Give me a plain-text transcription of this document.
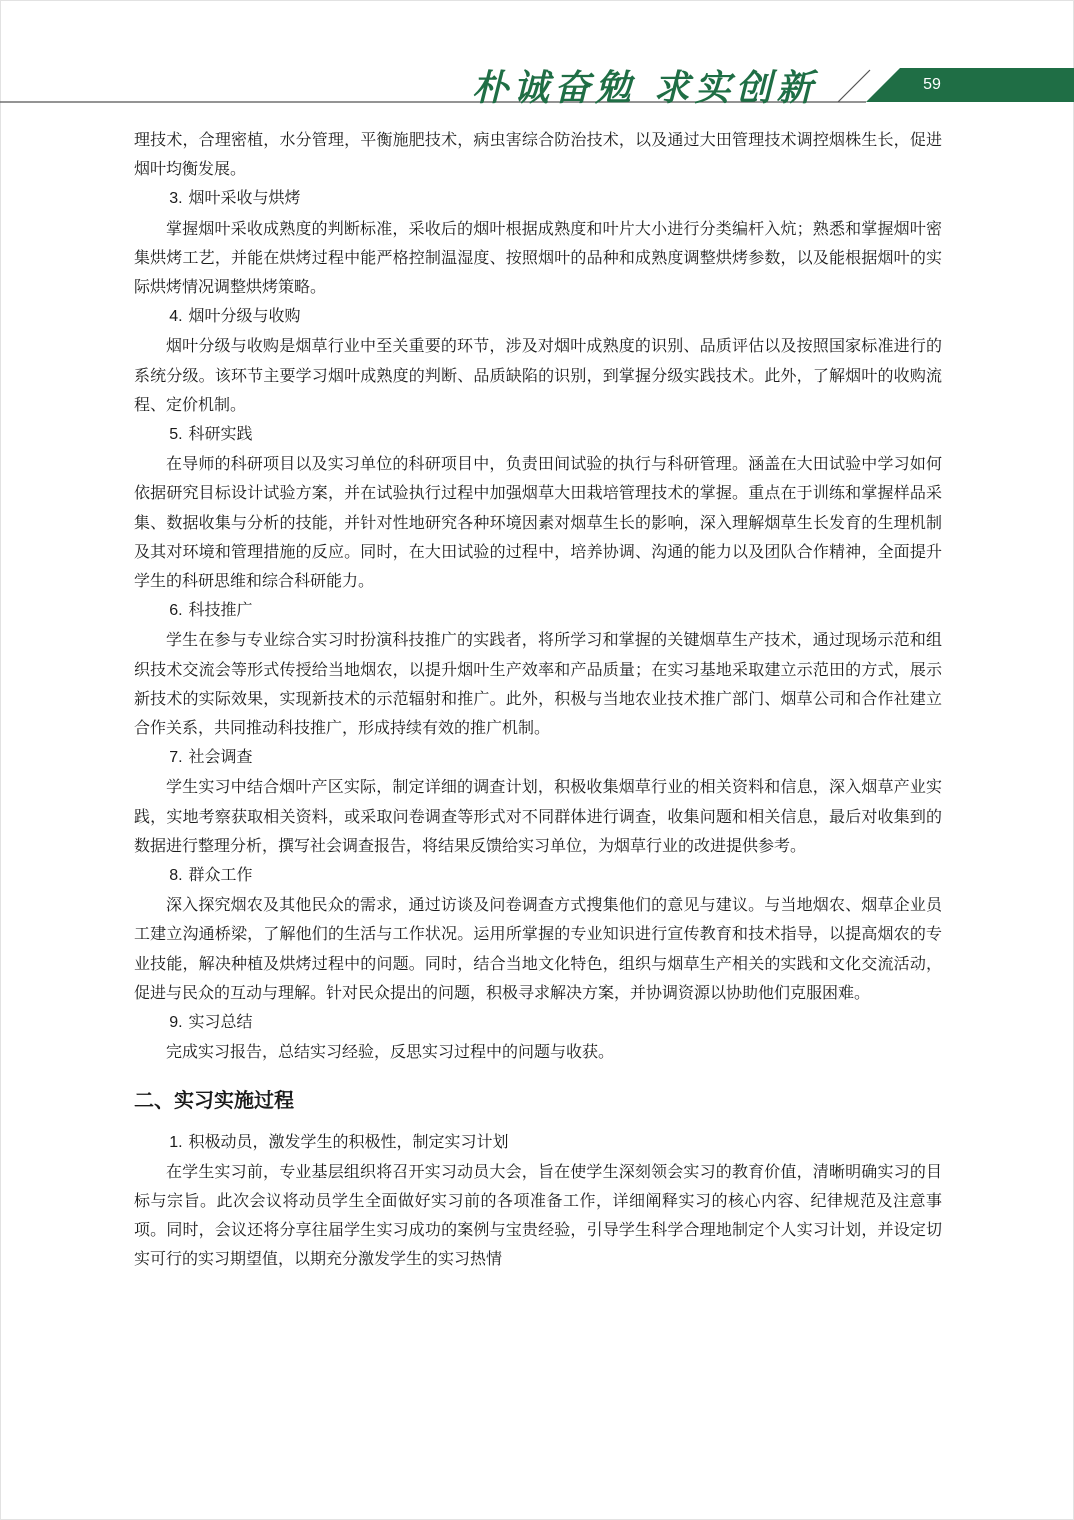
朴诚奋勉 求实创新	59

理技术，合理密植，水分管理，平衡施肥技术，病虫害综合防治技术，以及通过大田管理技术调控烟株生长，促进烟叶均衡发展。

3. 烟叶采收与烘烤

掌握烟叶采收成熟度的判断标准，采收后的烟叶根据成熟度和叶片大小进行分类编杆入炕；熟悉和掌握烟叶密集烘烤工艺，并能在烘烤过程中能严格控制温湿度、按照烟叶的品种和成熟度调整烘烤参数，以及能根据烟叶的实际烘烤情况调整烘烤策略。

4. 烟叶分级与收购

烟叶分级与收购是烟草行业中至关重要的环节，涉及对烟叶成熟度的识别、品质评估以及按照国家标准进行的系统分级。该环节主要学习烟叶成熟度的判断、品质缺陷的识别，到掌握分级实践技术。此外，了解烟叶的收购流程、定价机制。

5. 科研实践

在导师的科研项目以及实习单位的科研项目中，负责田间试验的执行与科研管理。涵盖在大田试验中学习如何依据研究目标设计试验方案，并在试验执行过程中加强烟草大田栽培管理技术的掌握。重点在于训练和掌握样品采集、数据收集与分析的技能，并针对性地研究各种环境因素对烟草生长的影响，深入理解烟草生长发育的生理机制及其对环境和管理措施的反应。同时，在大田试验的过程中，培养协调、沟通的能力以及团队合作精神，全面提升学生的科研思维和综合科研能力。

6. 科技推广

学生在参与专业综合实习时扮演科技推广的实践者，将所学习和掌握的关键烟草生产技术，通过现场示范和组织技术交流会等形式传授给当地烟农，以提升烟叶生产效率和产品质量；在实习基地采取建立示范田的方式，展示新技术的实际效果，实现新技术的示范辐射和推广。此外，积极与当地农业技术推广部门、烟草公司和合作社建立合作关系，共同推动科技推广，形成持续有效的推广机制。

7. 社会调查

学生实习中结合烟叶产区实际，制定详细的调查计划，积极收集烟草行业的相关资料和信息，深入烟草产业实践，实地考察获取相关资料，或采取问卷调查等形式对不同群体进行调查，收集问题和相关信息，最后对收集到的数据进行整理分析，撰写社会调查报告，将结果反馈给实习单位，为烟草行业的改进提供参考。

8. 群众工作

深入探究烟农及其他民众的需求，通过访谈及问卷调查方式搜集他们的意见与建议。与当地烟农、烟草企业员工建立沟通桥梁，了解他们的生活与工作状况。运用所掌握的专业知识进行宣传教育和技术指导，以提高烟农的专业技能，解决种植及烘烤过程中的问题。同时，结合当地文化特色，组织与烟草生产相关的实践和文化交流活动，促进与民众的互动与理解。针对民众提出的问题，积极寻求解决方案，并协调资源以协助他们克服困难。

9. 实习总结

完成实习报告，总结实习经验，反思实习过程中的问题与收获。

二、实习实施过程

1. 积极动员，激发学生的积极性，制定实习计划

在学生实习前，专业基层组织将召开实习动员大会，旨在使学生深刻领会实习的教育价值，清晰明确实习的目标与宗旨。此次会议将动员学生全面做好实习前的各项准备工作，详细阐释实习的核心内容、纪律规范及注意事项。同时，会议还将分享往届学生实习成功的案例与宝贵经验，引导学生科学合理地制定个人实习计划，并设定切实可行的实习期望值，以期充分激发学生的实习热情
